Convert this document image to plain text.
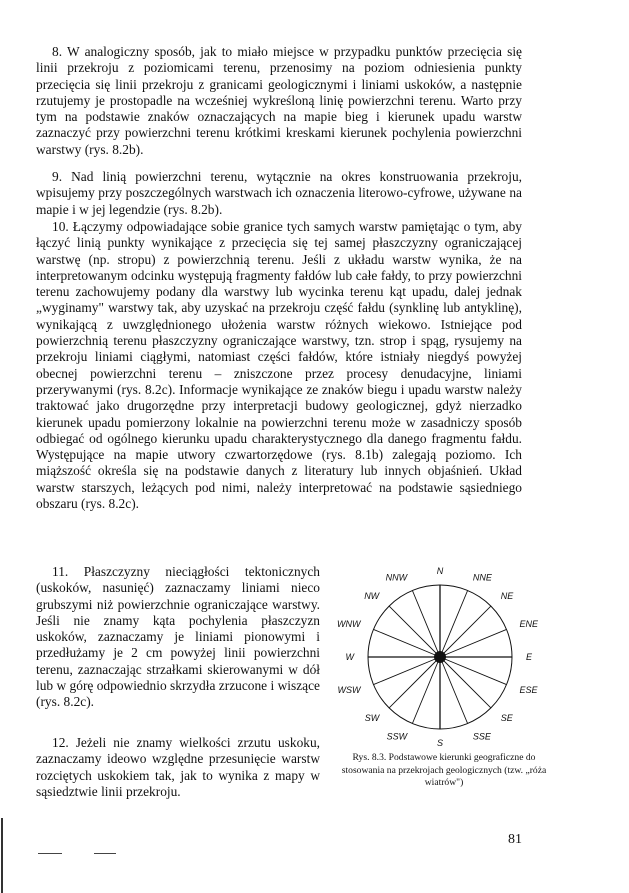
8. W analogiczny sposób, jak to miało miejsce w przypadku punktów przecięcia się linii przekroju z poziomicami terenu, przenosimy na poziom odniesienia punkty przecięcia się linii przekroju z granicami geologicznymi i liniami uskoków, a następnie rzutujemy je prostopadle na wcześniej wykreśloną linię powierzchni terenu. Warto przy tym na podstawie znaków oznaczających na mapie bieg i kierunek upadu warstw zaznaczyć przy powierzchni terenu krótkimi kreskami kierunek pochylenia powierzchni warstwy (rys. 8.2b).

9. Nad linią powierzchni terenu, wytącznie na okres konstruowania przekroju, wpisujemy przy poszczególnych warstwach ich oznaczenia literowo-cyfrowe, używane na mapie i w jej legendzie (rys. 8.2b).

10. Łączymy odpowiadające sobie granice tych samych warstw pamiętając o tym, aby łączyć linią punkty wynikające z przecięcia się tej samej płaszczyzny ograniczającej warstwę (np. stropu) z powierzchnią terenu. Jeśli z układu warstw wynika, że na interpretowanym odcinku występują fragmenty fałdów lub całe fałdy, to przy powierzchni terenu zachowujemy podany dla warstwy lub wycinka terenu kąt upadu, dalej jednak „wyginamy" warstwy tak, aby uzyskać na przekroju część fałdu (synklinę lub antyklinę), wynikającą z uwzględnionego ułożenia warstw różnych wiekowo. Istniejące pod powierzchnią terenu płaszczyzny ograniczające warstwy, tzn. strop i spąg, rysujemy na przekroju liniami ciągłymi, natomiast części fałdów, które istniały niegdyś powyżej obecnej powierzchni terenu – zniszczone przez procesy denudacyjne, liniami przerywanymi (rys. 8.2c). Informacje wynikające ze znaków biegu i upadu warstw należy traktować jako drugorzędne przy interpretacji budowy geologicznej, gdyż nierzadko kierunek upadu pomierzony lokalnie na powierzchni terenu może w zasadniczy sposób odbiegać od ogólnego kierunku upadu charakterystycznego dla danego fragmentu fałdu. Występujące na mapie utwory czwartorzędowe (rys. 8.1b) zalegają poziomo. Ich miąższość określa się na podstawie danych z literatury lub innych objaśnień. Układ warstw starszych, leżących pod nimi, należy interpretować na podstawie sąsiedniego obszaru (rys. 8.2c).

11. Płaszczyzny nieciągłości tektonicznych (uskoków, nasunięć) zaznaczamy liniami nieco grubszymi niż powierzchnie ograniczające warstwy. Jeśli nie znamy kąta pochylenia płaszczyzn uskoków, zaznaczamy je liniami pionowymi i przedłużamy je 2 cm powyżej linii powierzchni terenu, zaznaczając strzałkami skierowanymi w dół lub w górę odpowiednio skrzydła zrzucone i wiszące (rys. 8.2c).

12. Jeżeli nie znamy wielkości zrzutu uskoku, zaznaczamy ideowo względne przesunięcie warstw rozciętych uskokiem tak, jak to wynika z mapy w sąsiedztwie linii przekroju.

N
NNE
NE
ENE
E
ESE
SE
SSE
S
SSW
SW
WSW
W
WNW
NW
NNW

Rys. 8.3. Podstawowe kierunki geograficzne do stosowania na przekrojach geologicznych (tzw. „róża wiatrów")

81
